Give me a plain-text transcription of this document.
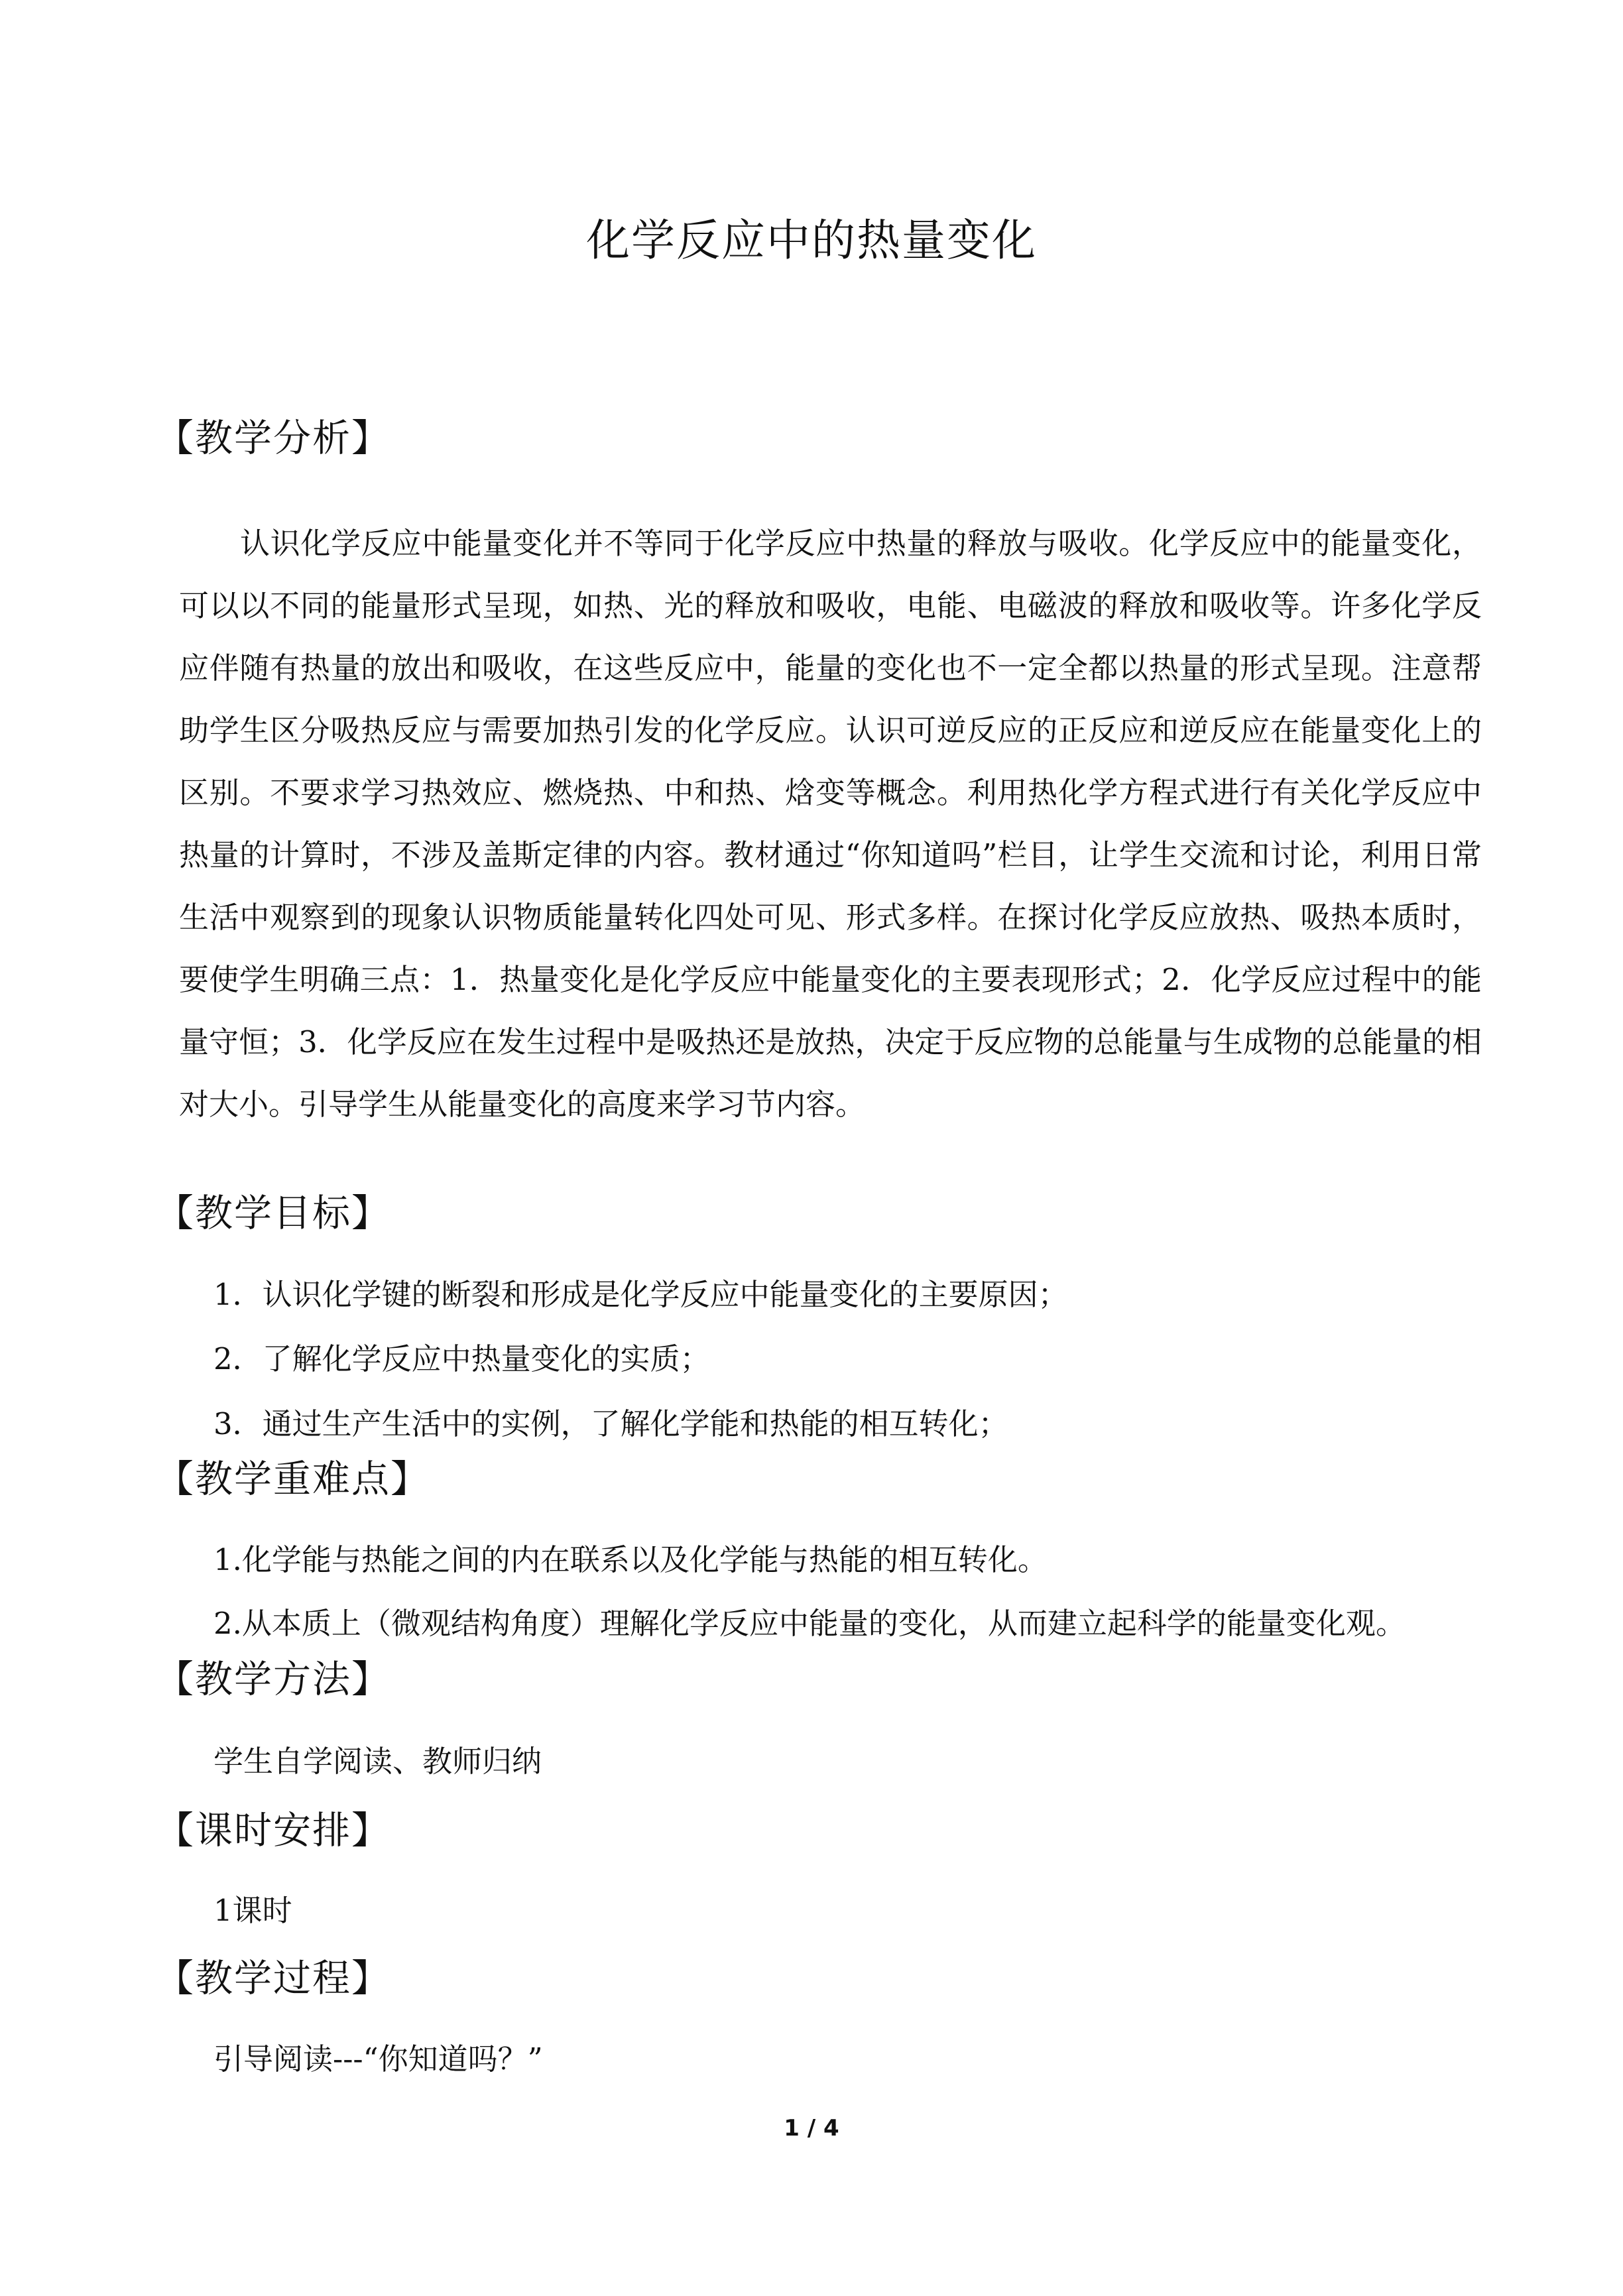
化学反应中的热量变化
【教学分析】

认识化学反应中能量变化并不等同于化学反应中热量的释放与吸收。化学反应中的能量变化，可以以不同的能量形式呈现，如热、光的释放和吸收，电能、电磁波的释放和吸收等。许多化学反应伴随有热量的放出和吸收，在这些反应中，能量的变化也不一定全都以热量的形式呈现。注意帮助学生区分吸热反应与需要加热引发的化学反应。认识可逆反应的正反应和逆反应在能量变化上的区别。不要求学习热效应、燃烧热、中和热、焓变等概念。利用热化学方程式进行有关化学反应中热量的计算时，不涉及盖斯定律的内容。教材通过“你知道吗”栏目，让学生交流和讨论，利用日常生活中观察到的现象认识物质能量转化四处可见、形式多样。在探讨化学反应放热、吸热本质时，要使学生明确三点：1．热量变化是化学反应中能量变化的主要表现形式；2．化学反应过程中的能量守恒；3．化学反应在发生过程中是吸热还是放热，决定于反应物的总能量与生成物的总能量的相对大小。引导学生从能量变化的高度来学习节内容。

【教学目标】
1．认识化学键的断裂和形成是化学反应中能量变化的主要原因；
2．了解化学反应中热量变化的实质；
3．通过生产生活中的实例，了解化学能和热能的相互转化；
【教学重难点】
1.化学能与热能之间的内在联系以及化学能与热能的相互转化。
2.从本质上（微观结构角度）理解化学反应中能量的变化，从而建立起科学的能量变化观。
【教学方法】
学生自学阅读、教师归纳
【课时安排】
1课时
【教学过程】
引导阅读---“你知道吗？”
1 / 4
